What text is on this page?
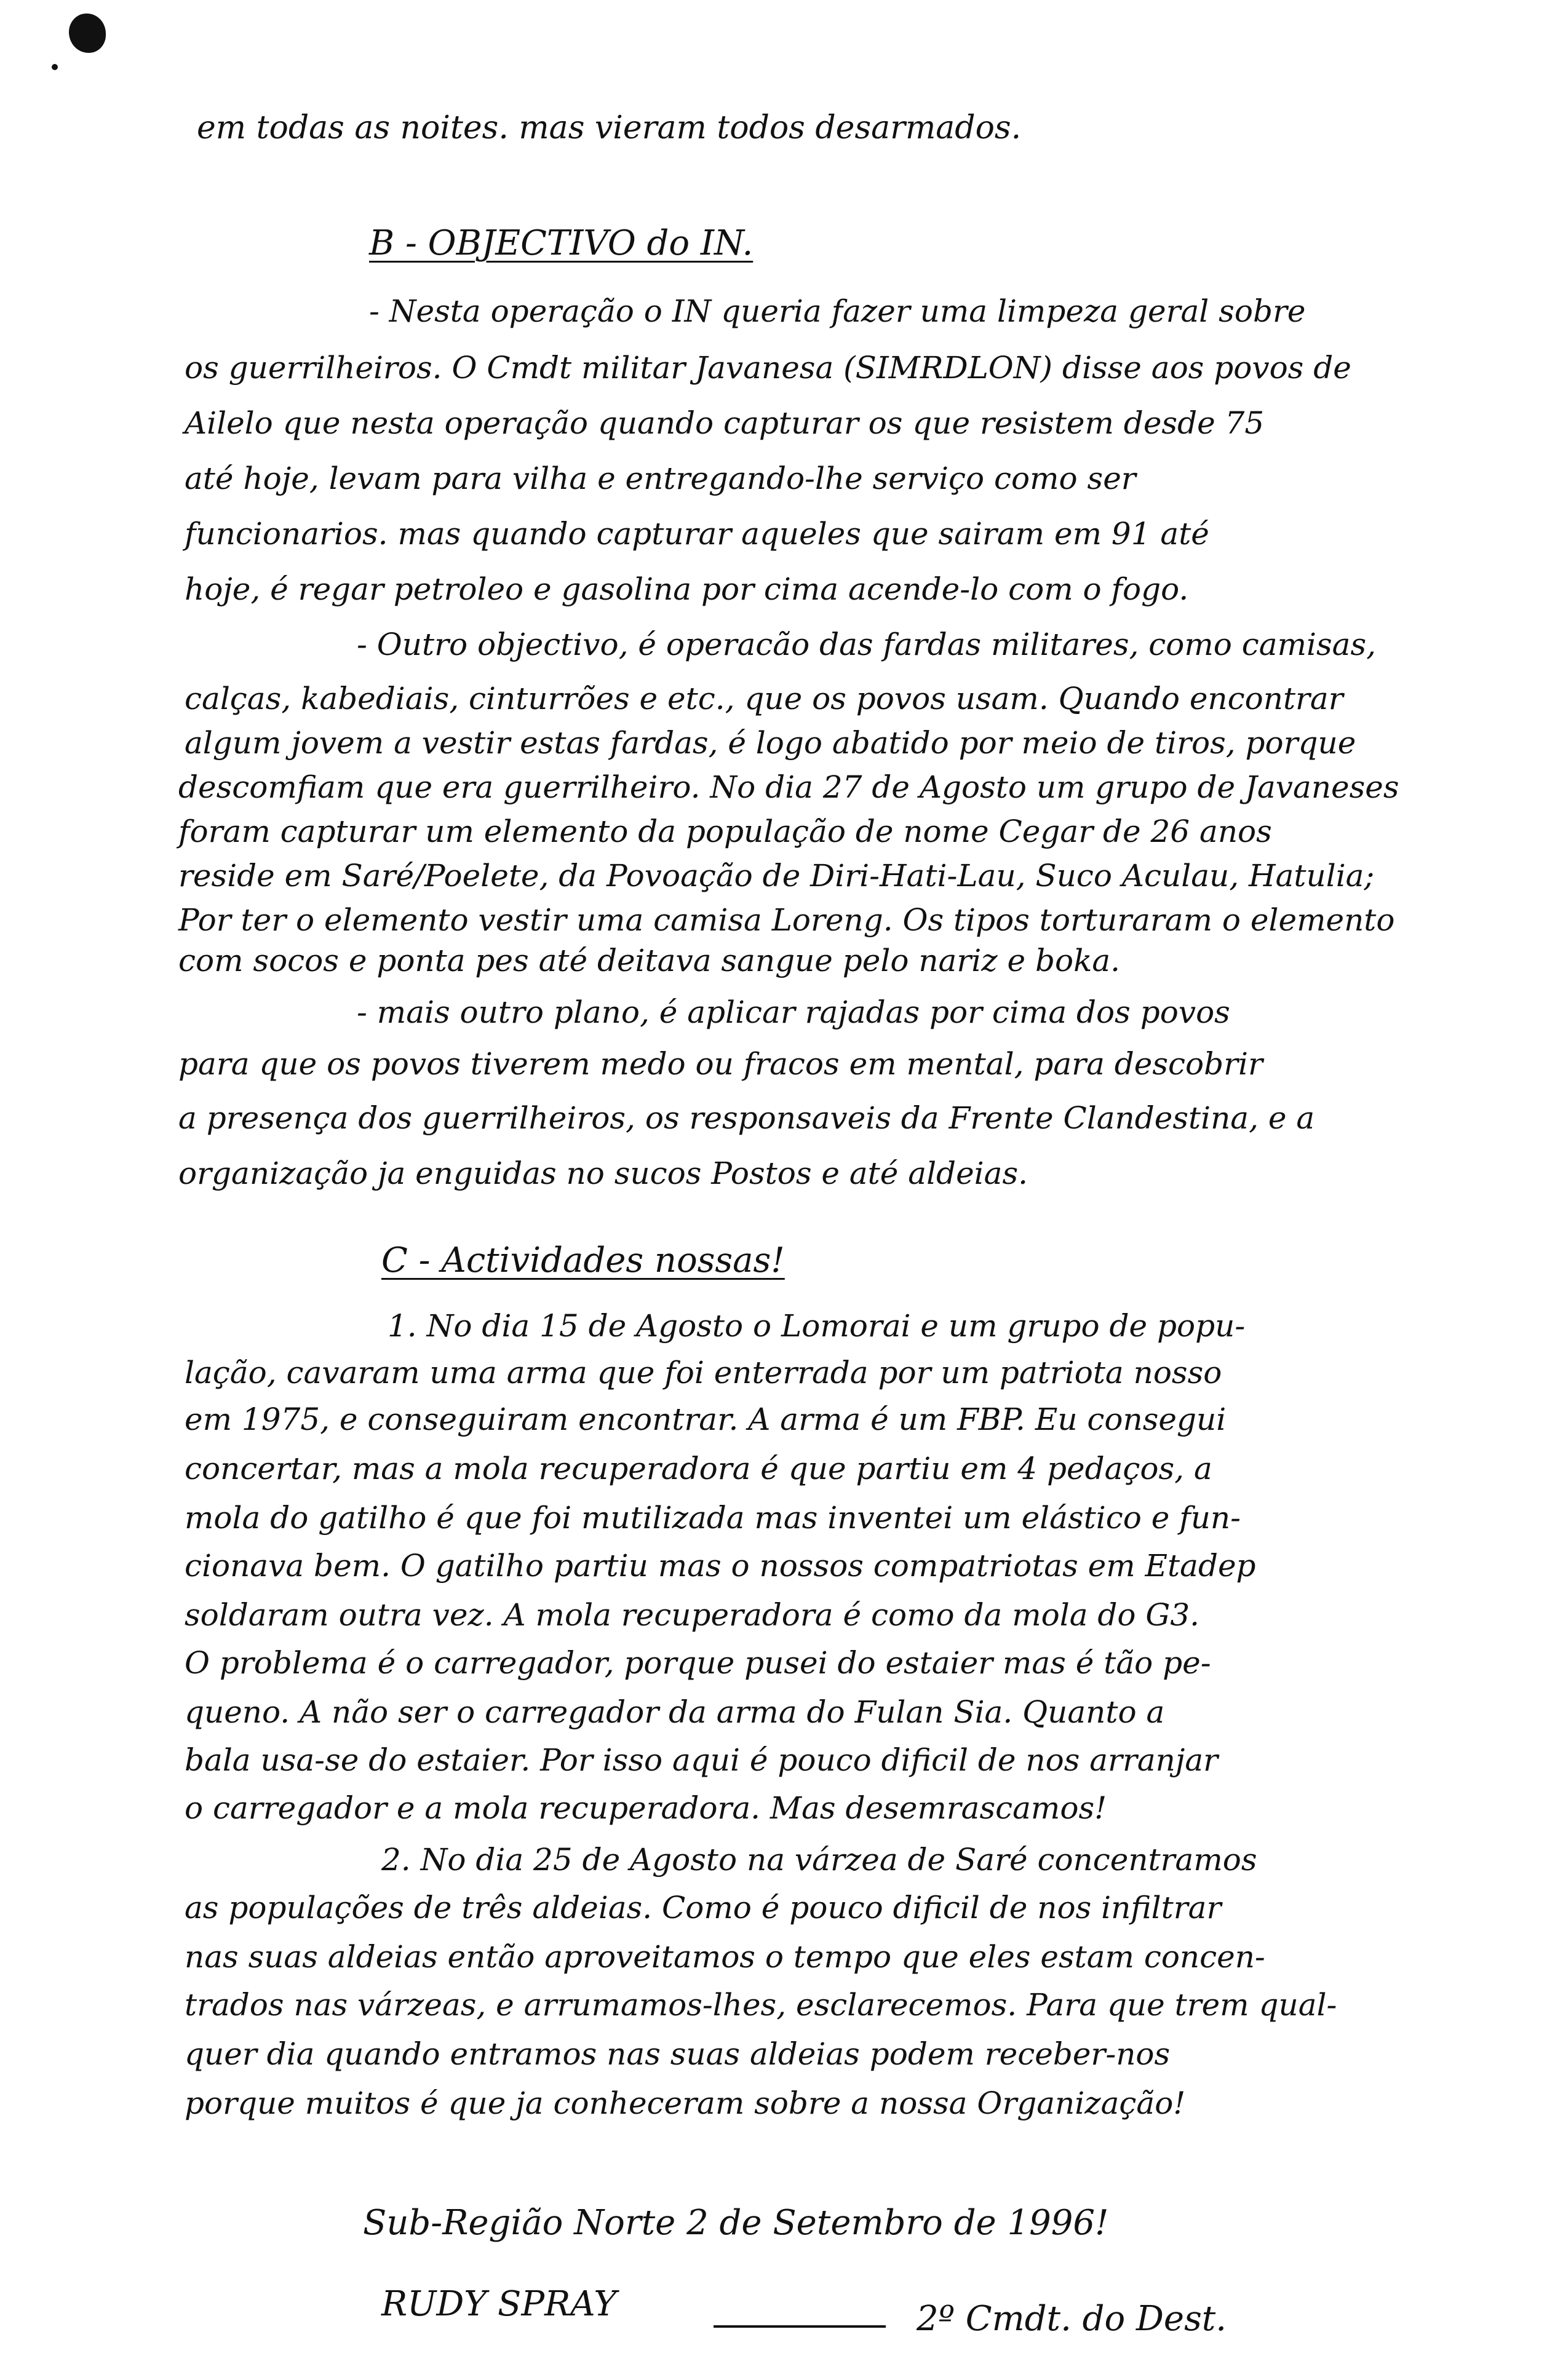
em todas as noites. mas vieram todos desarmados.
B - OBJECTIVO do IN.
- Nesta operação o IN queria fazer uma limpeza geral sobre
os guerrilheiros. O Cmdt militar Javanesa (SIMRDLON) disse aos povos de
Ailelo que nesta operação quando capturar os que resistem desde 75
até hoje, levam para vilha e entregando-lhe serviço como ser
funcionarios. mas quando capturar aqueles que sairam em 91 até
hoje, é regar petroleo e gasolina por cima acende-lo com o fogo.
- Outro objectivo, é operacão das fardas militares, como camisas,
calças, kabediais, cinturrões e etc., que os povos usam. Quando encontrar
algum jovem a vestir estas fardas, é logo abatido por meio de tiros, porque
descomfiam que era guerrilheiro. No dia 27 de Agosto um grupo de Javaneses
foram capturar um elemento da população de nome Cegar de 26 anos
reside em Saré/Poelete, da Povoação de Diri-Hati-Lau, Suco Aculau, Hatulia;
Por ter o elemento vestir uma camisa Loreng. Os tipos torturaram o elemento
com socos e ponta pes até deitava sangue pelo nariz e boka.
- mais outro plano, é aplicar rajadas por cima dos povos
para que os povos tiverem medo ou fracos em mental, para descobrir
a presença dos guerrilheiros, os responsaveis da Frente Clandestina, e a
organização ja enguidas no sucos Postos e até aldeias.
C - Actividades nossas!
1. No dia 15 de Agosto o Lomorai e um grupo de popu-
lação, cavaram uma arma que foi enterrada por um patriota nosso
em 1975, e conseguiram encontrar. A arma é um FBP. Eu consegui
concertar, mas a mola recuperadora é que partiu em 4 pedaços, a
mola do gatilho é que foi mutilizada mas inventei um elástico e fun-
cionava bem. O gatilho partiu mas o nossos compatriotas em Etadep
soldaram outra vez. A mola recuperadora é como da mola do G3.
O problema é o carregador, porque pusei do estaier mas é tão pe-
queno. A não ser o carregador da arma do Fulan Sia. Quanto a
bala usa-se do estaier. Por isso aqui é pouco dificil de nos arranjar
o carregador e a mola recuperadora. Mas desemrascamos!
2. No dia 25 de Agosto na várzea de Saré concentramos
as populações de três aldeias. Como é pouco dificil de nos infiltrar
nas suas aldeias então aproveitamos o tempo que eles estam concen-
trados nas várzeas, e arrumamos-lhes, esclarecemos. Para que trem qual-
quer dia quando entramos nas suas aldeias podem receber-nos
porque muitos é que ja conheceram sobre a nossa Organização!
Sub-Região Norte 2 de Setembro de 1996!
RUDY SPRAY	2º Cmdt. do Dest.
